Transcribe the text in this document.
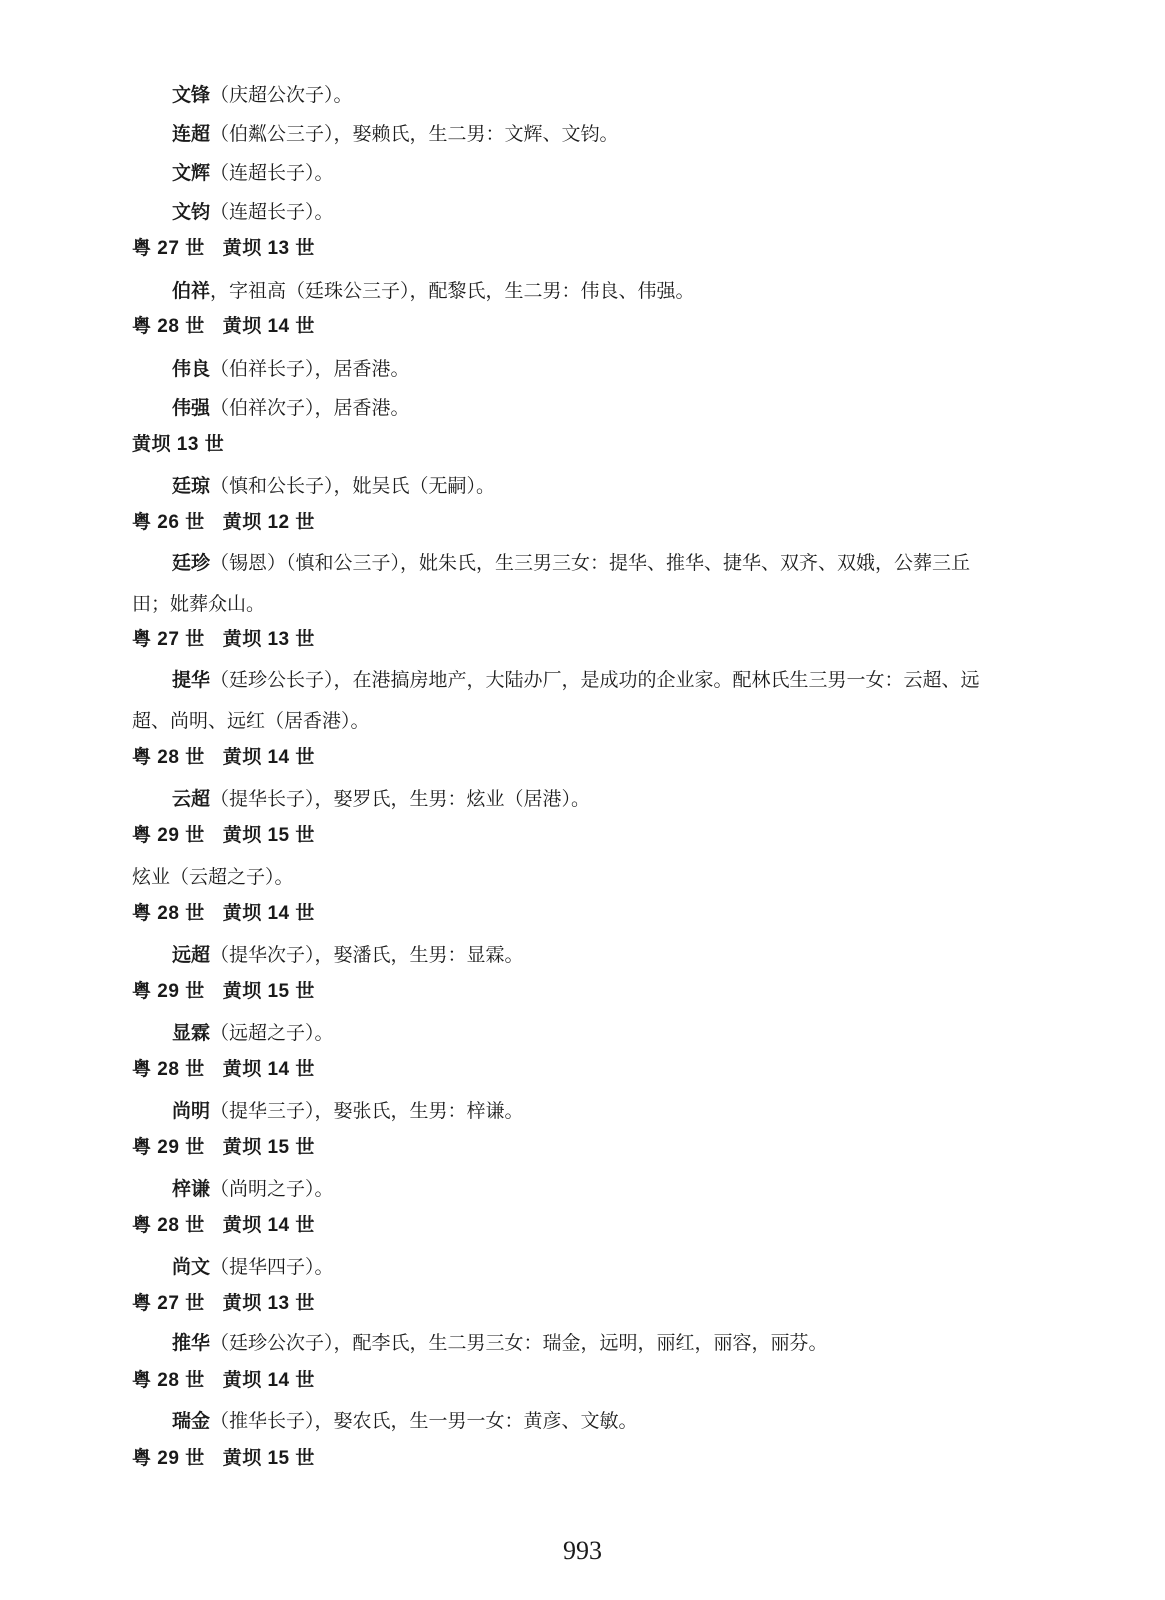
文锋（庆超公次子）。
连超（伯粼公三子），娶赖氏，生二男：文辉、文钧。
文辉（连超长子）。
文钧（连超长子）。
粤 27 世 黄坝 13 世
伯祥，字祖高（廷珠公三子），配黎氏，生二男：伟良、伟强。
粤 28 世 黄坝 14 世
伟良（伯祥长子），居香港。
伟强（伯祥次子），居香港。
黄坝 13 世
廷琼（慎和公长子），妣吴氏（无嗣）。
粤 26 世 黄坝 12 世
廷珍（锡恩）（慎和公三子），妣朱氏，生三男三女：提华、推华、捷华、双齐、双娥，公葬三丘
田；妣葬众山。
粤 27 世 黄坝 13 世
提华（廷珍公长子），在港搞房地产，大陆办厂，是成功的企业家。配林氏生三男一女：云超、远
超、尚明、远红（居香港）。
粤 28 世 黄坝 14 世
云超（提华长子），娶罗氏，生男：炫业（居港）。
粤 29 世 黄坝 15 世
炫业（云超之子）。
粤 28 世 黄坝 14 世
远超（提华次子），娶潘氏，生男：显霖。
粤 29 世 黄坝 15 世
显霖（远超之子）。
粤 28 世 黄坝 14 世
尚明（提华三子），娶张氏，生男：梓谦。
粤 29 世 黄坝 15 世
梓谦（尚明之子）。
粤 28 世 黄坝 14 世
尚文（提华四子）。
粤 27 世 黄坝 13 世
推华（廷珍公次子），配李氏，生二男三女：瑞金，远明，丽红，丽容，丽芬。
粤 28 世 黄坝 14 世
瑞金（推华长子），娶农氏，生一男一女：黄彦、文敏。
粤 29 世 黄坝 15 世
993
